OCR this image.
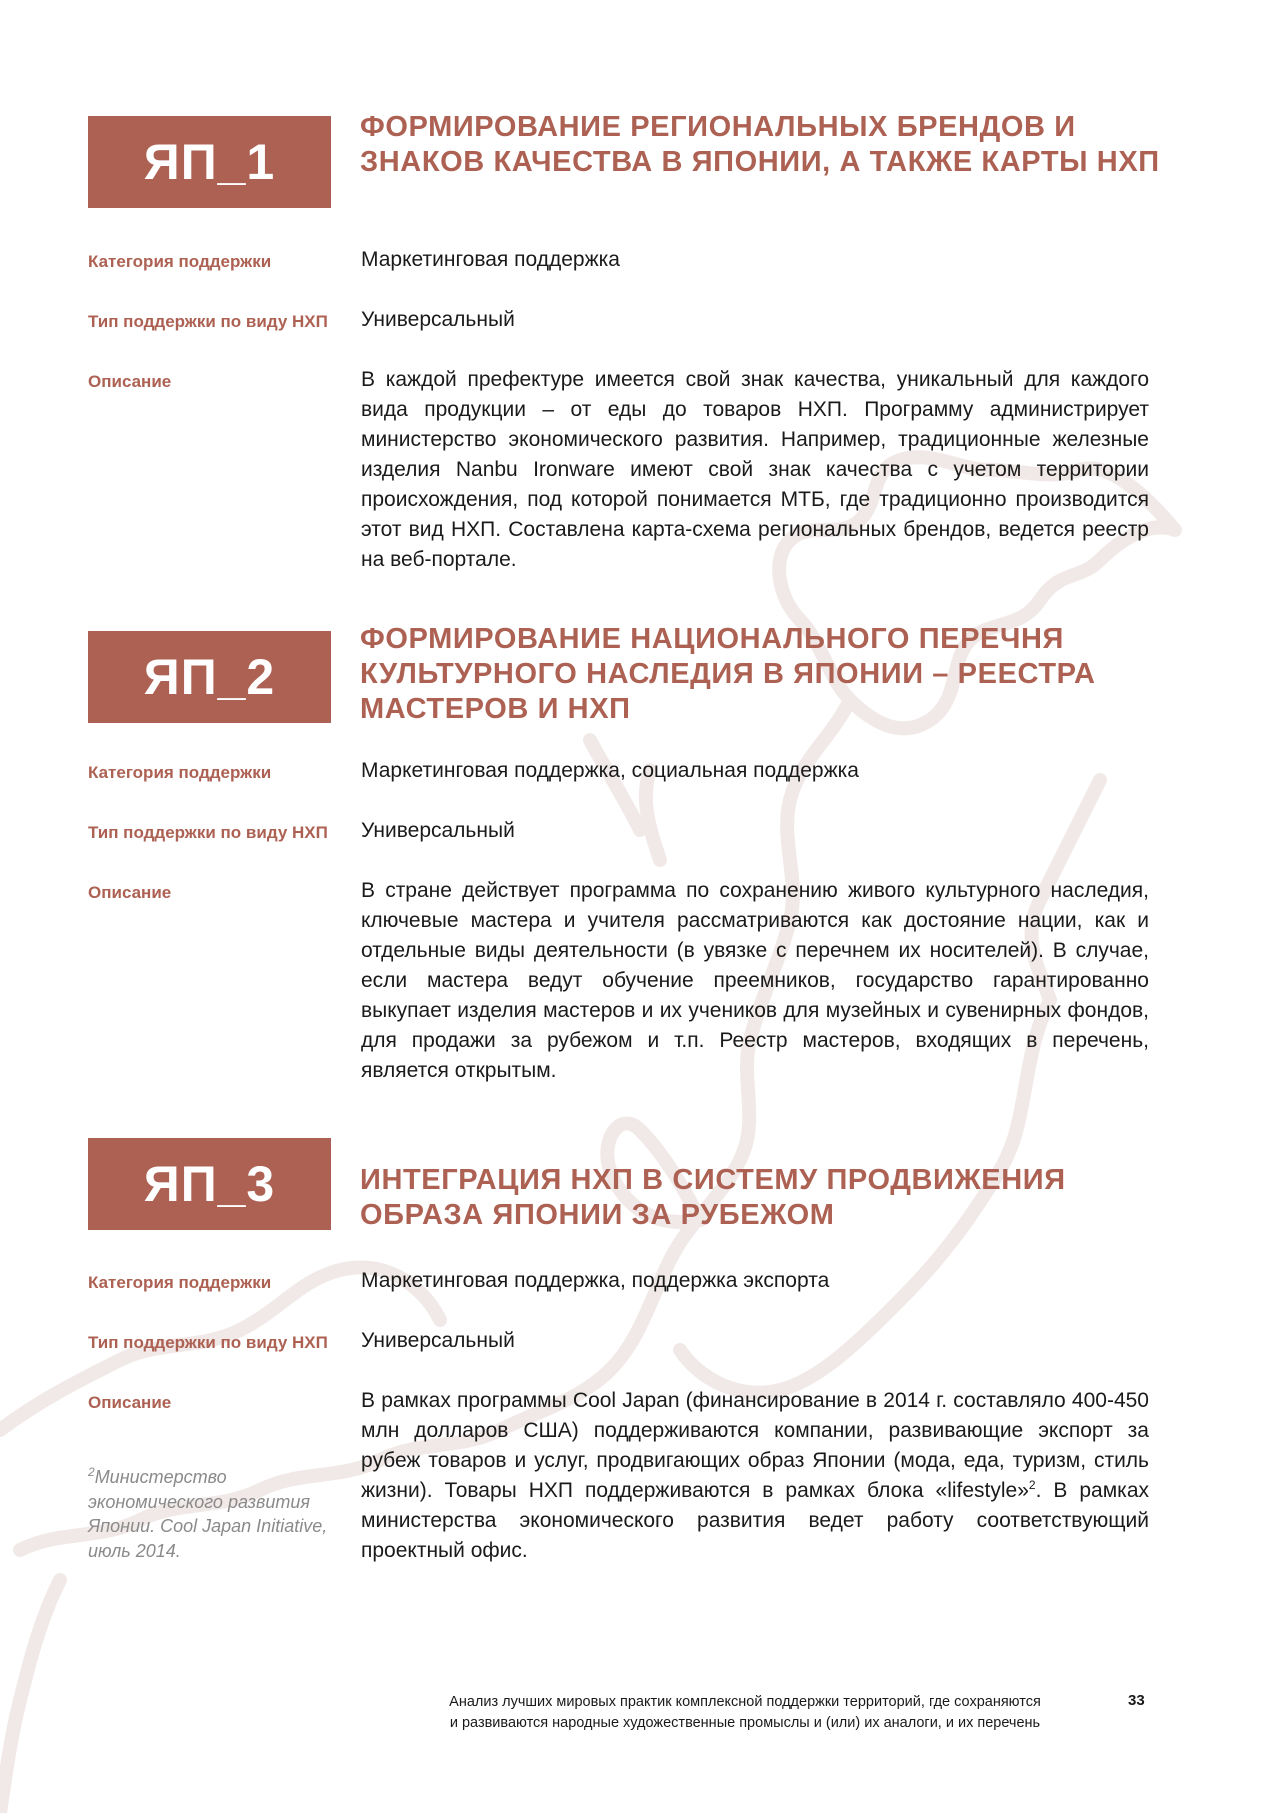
ЯП_1
ФОРМИРОВАНИЕ РЕГИОНАЛЬНЫХ БРЕНДОВ И ЗНАКОВ КАЧЕСТВА В ЯПОНИИ, А ТАКЖЕ КАРТЫ НХП
Категория поддержки	Маркетинговая поддержка
Тип поддержки по виду НХП	Универсальный
Описание	В каждой префектуре имеется свой знак качества, уникальный для каждого вида продукции – от еды до товаров НХП. Программу администрирует министерство экономического развития. Например, традиционные железные изделия Nanbu Ironware имеют свой знак качества с учетом территории происхождения, под которой понимается МТБ, где традиционно производится этот вид НХП. Составлена карта-схема региональных брендов, ведется реестр на веб-портале.
ЯП_2
ФОРМИРОВАНИЕ НАЦИОНАЛЬНОГО ПЕРЕЧНЯ КУЛЬТУРНОГО НАСЛЕДИЯ В ЯПОНИИ – РЕЕСТРА МАСТЕРОВ И НХП
Категория поддержки	Маркетинговая поддержка, социальная поддержка
Тип поддержки по виду НХП	Универсальный
Описание	В стране действует программа по сохранению живого культурного наследия, ключевые мастера и учителя рассматриваются как достояние нации, как и отдельные виды деятельности (в увязке с перечнем их носителей). В случае, если мастера ведут обучение преемников, государство гарантированно выкупает изделия мастеров и их учеников для музейных и сувенирных фондов, для продажи за рубежом и т.п. Реестр мастеров, входящих в перечень, является открытым.
ЯП_3	ИНТЕГРАЦИЯ НХП В СИСТЕМУ ПРОДВИЖЕНИЯ ОБРАЗА ЯПОНИИ ЗА РУБЕЖОМ
Категория поддержки	Маркетинговая поддержка, поддержка экспорта
Тип поддержки по виду НХП	Универсальный
Описание	В рамках программы Cool Japan (финансирование в 2014 г. составляло 400-450 млн долларов США) поддерживаются компании, развивающие экспорт за рубеж товаров и услуг, продвигающих образ Японии (мода, еда, туризм, стиль жизни). Товары НХП поддерживаются в рамках блока «lifestyle»$^2$. В рамках министерства экономического развития ведет работу соответствующий проектный офис.
$^2$Министерство экономического развития Японии. Cool Japan Initiative, июль 2014.
Анализ лучших мировых практик комплексной поддержки территорий, где сохраняются
и развиваются народные художественные промыслы и (или) их аналоги, и их перечень
33
